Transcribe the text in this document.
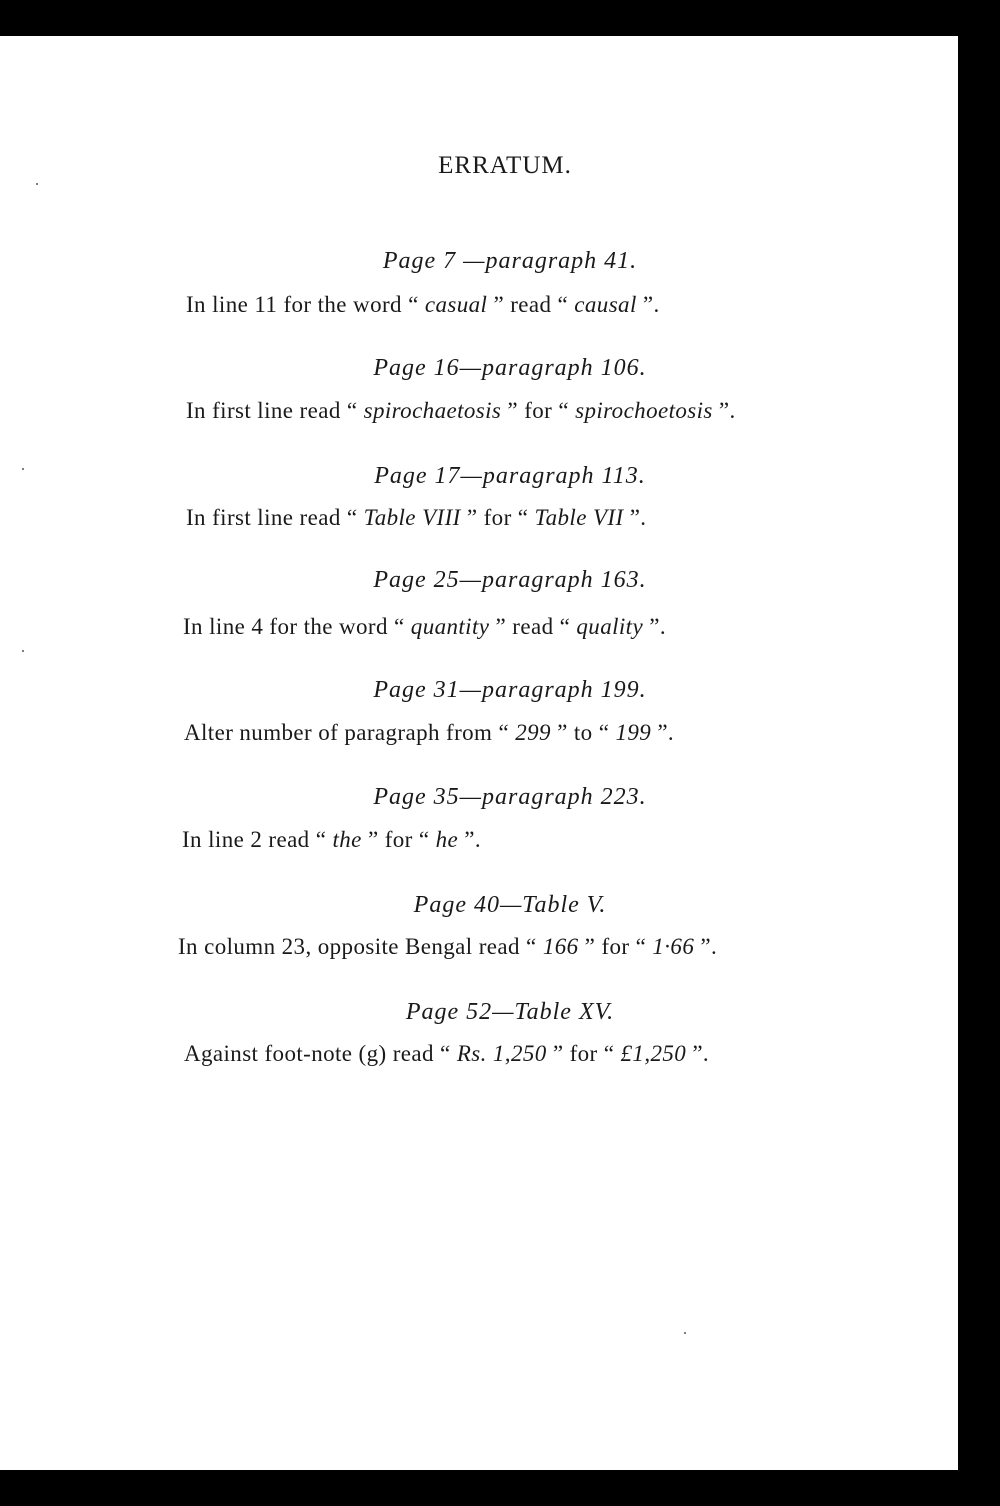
ERRATUM.
Page 7 —paragraph 41.
In line 11 for the word “ casual ” read “ causal ”.
Page 16—paragraph 106.
In first line read “ spirochaetosis ” for “ spirochoetosis ”.
Page 17—paragraph 113.
In first line read “ Table VIII ” for “ Table VII ”.
Page 25—paragraph 163.
In line 4 for the word “ quantity ” read “ quality ”.
Page 31—paragraph 199.
Alter number of paragraph from “ 299 ” to “ 199 ”.
Page 35—paragraph 223.
In line 2 read “ the ” for “ he ”.
Page 40—Table V.
In column 23, opposite Bengal read “ 166 ” for “ 1·66 ”.
Page 52—Table XV.
Against foot-note (g) read “ Rs. 1,250 ” for “ £1,250 ”.
